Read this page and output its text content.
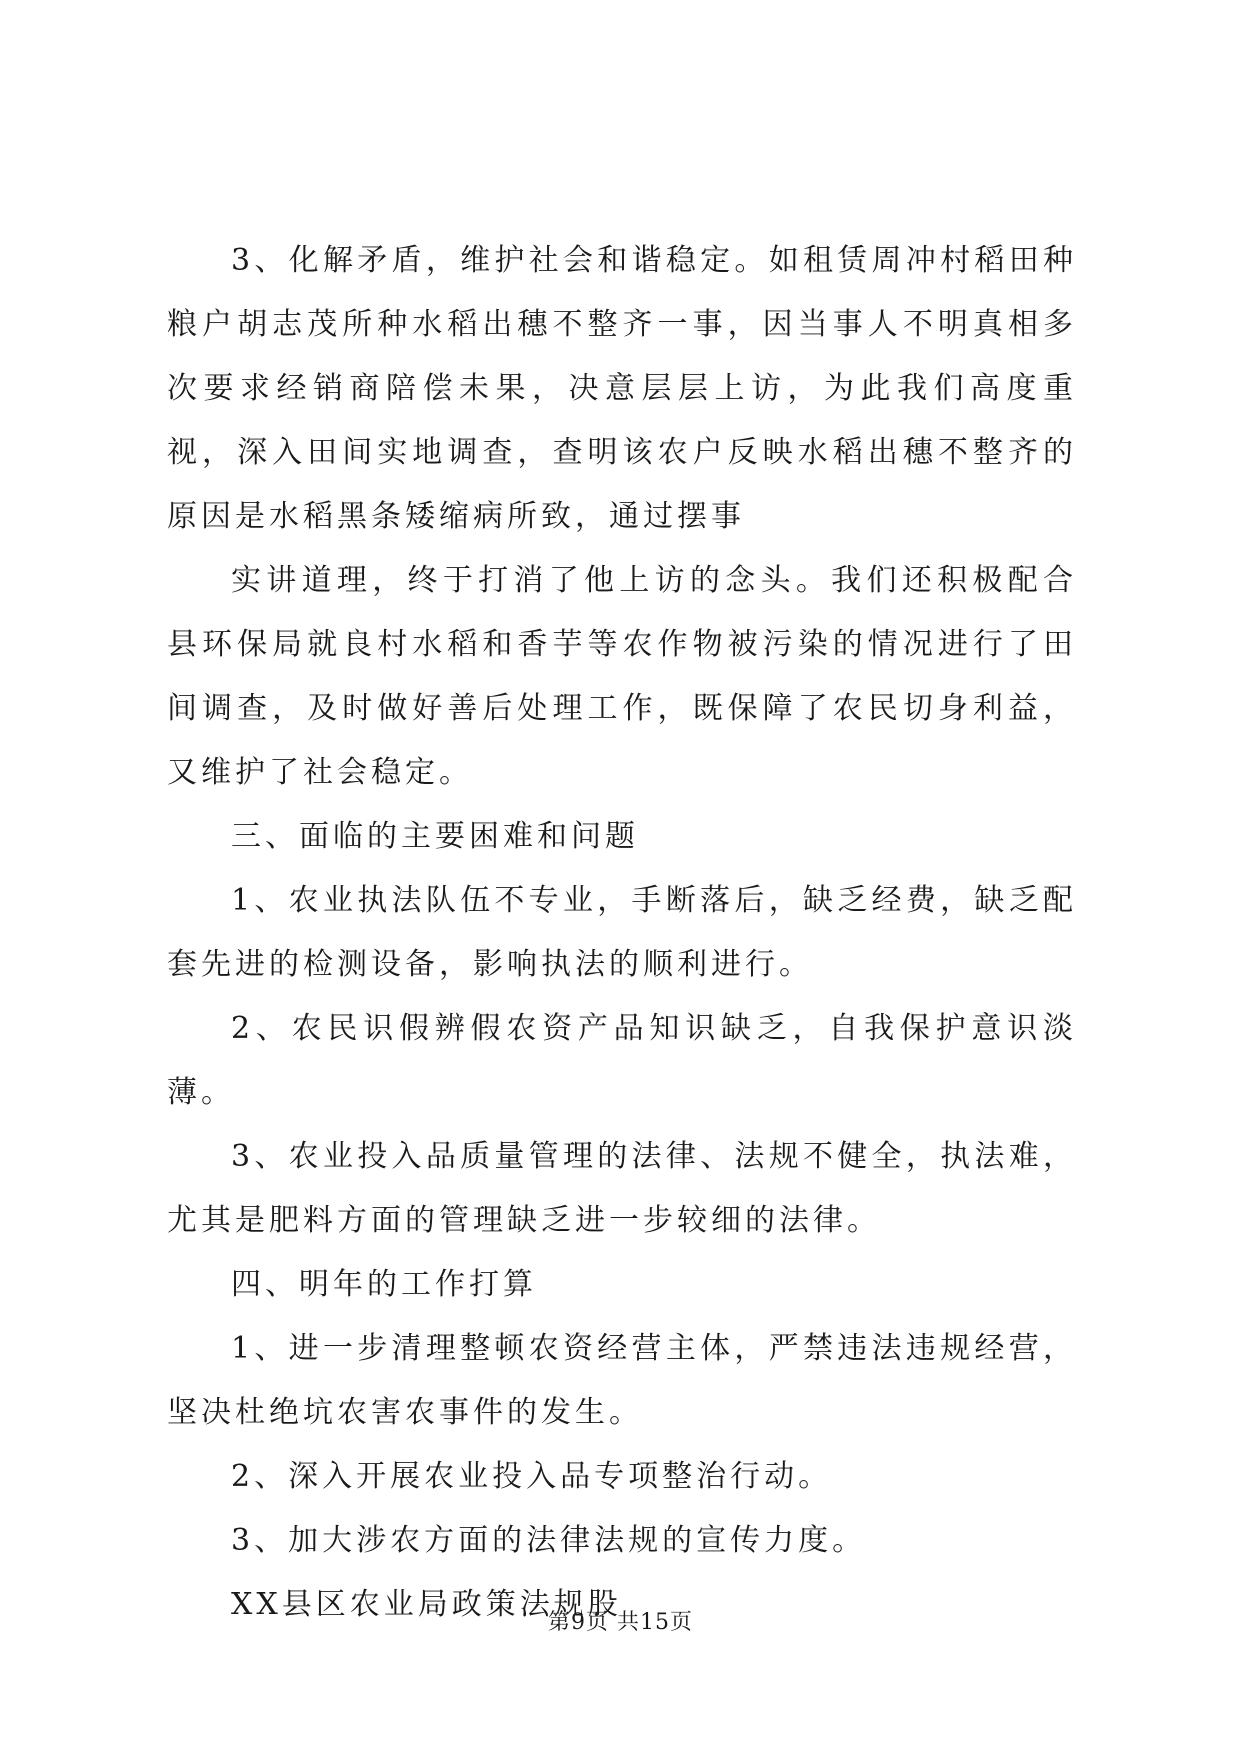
3、化解矛盾，维护社会和谐稳定。如租赁周冲村稻田种粮户胡志茂所种水稻出穗不整齐一事，因当事人不明真相多次要求经销商陪偿未果，决意层层上访，为此我们高度重视，深入田间实地调查，查明该农户反映水稻出穗不整齐的原因是水稻黑条矮缩病所致，通过摆事

实讲道理，终于打消了他上访的念头。我们还积极配合县环保局就良村水稻和香芋等农作物被污染的情况进行了田间调查，及时做好善后处理工作，既保障了农民切身利益，又维护了社会稳定。

三、面临的主要困难和问题

1、农业执法队伍不专业，手断落后，缺乏经费，缺乏配套先进的检测设备，影响执法的顺利进行。

2、农民识假辨假农资产品知识缺乏，自我保护意识淡薄。

3、农业投入品质量管理的法律、法规不健全，执法难，尤其是肥料方面的管理缺乏进一步较细的法律。

四、明年的工作打算

1、进一步清理整顿农资经营主体，严禁违法违规经营，坚决杜绝坑农害农事件的发生。

2、深入开展农业投入品专项整治行动。

3、加大涉农方面的法律法规的宣传力度。

XX县区农业局政策法规股

第9页 共15页
